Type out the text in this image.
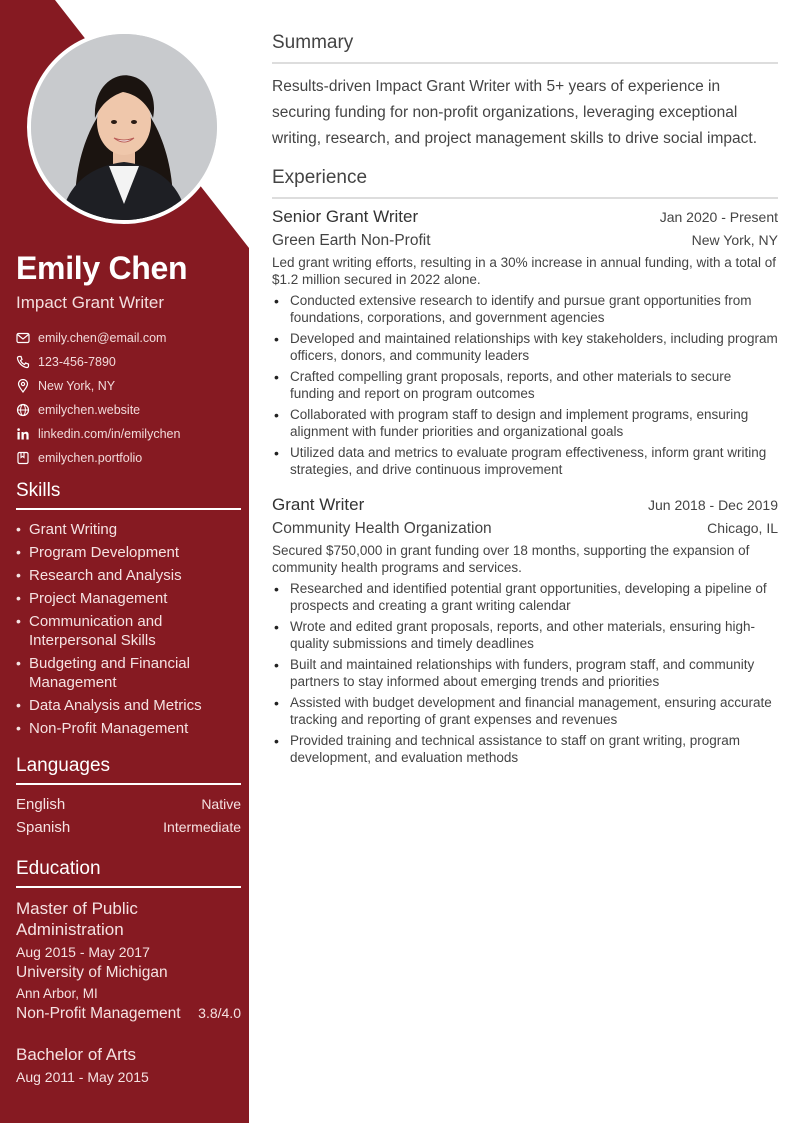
Emily Chen
Impact Grant Writer
emily.chen@email.com
123-456-7890
New York, NY
emilychen.website
linkedin.com/in/emilychen
emilychen.portfolio
Skills
• Grant Writing
• Program Development
• Research and Analysis
• Project Management
• Communication and Interpersonal Skills
• Budgeting and Financial Management
• Data Analysis and Metrics
• Non-Profit Management
Languages
English	Native
Spanish	Intermediate
Education
Master of Public Administration
Aug 2015 - May 2017
University of Michigan
Ann Arbor, MI
Non-Profit Management 3.8/4.0
Bachelor of Arts
Aug 2011 - May 2015
Summary
Results-driven Impact Grant Writer with 5+ years of experience in securing funding for non-profit organizations, leveraging exceptional writing, research, and project management skills to drive social impact.
Experience
Senior Grant Writer	Jan 2020 - Present
Green Earth Non-Profit	New York, NY
Led grant writing efforts, resulting in a 30% increase in annual funding, with a total of $1.2 million secured in 2022 alone.
• Conducted extensive research to identify and pursue grant opportunities from foundations, corporations, and government agencies
• Developed and maintained relationships with key stakeholders, including program officers, donors, and community leaders
• Crafted compelling grant proposals, reports, and other materials to secure funding and report on program outcomes
• Collaborated with program staff to design and implement programs, ensuring alignment with funder priorities and organizational goals
• Utilized data and metrics to evaluate program effectiveness, inform grant writing strategies, and drive continuous improvement
Grant Writer	Jun 2018 - Dec 2019
Community Health Organization	Chicago, IL
Secured $750,000 in grant funding over 18 months, supporting the expansion of community health programs and services.
• Researched and identified potential grant opportunities, developing a pipeline of prospects and creating a grant writing calendar
• Wrote and edited grant proposals, reports, and other materials, ensuring high-quality submissions and timely deadlines
• Built and maintained relationships with funders, program staff, and community partners to stay informed about emerging trends and priorities
• Assisted with budget development and financial management, ensuring accurate tracking and reporting of grant expenses and revenues
• Provided training and technical assistance to staff on grant writing, program development, and evaluation methods
